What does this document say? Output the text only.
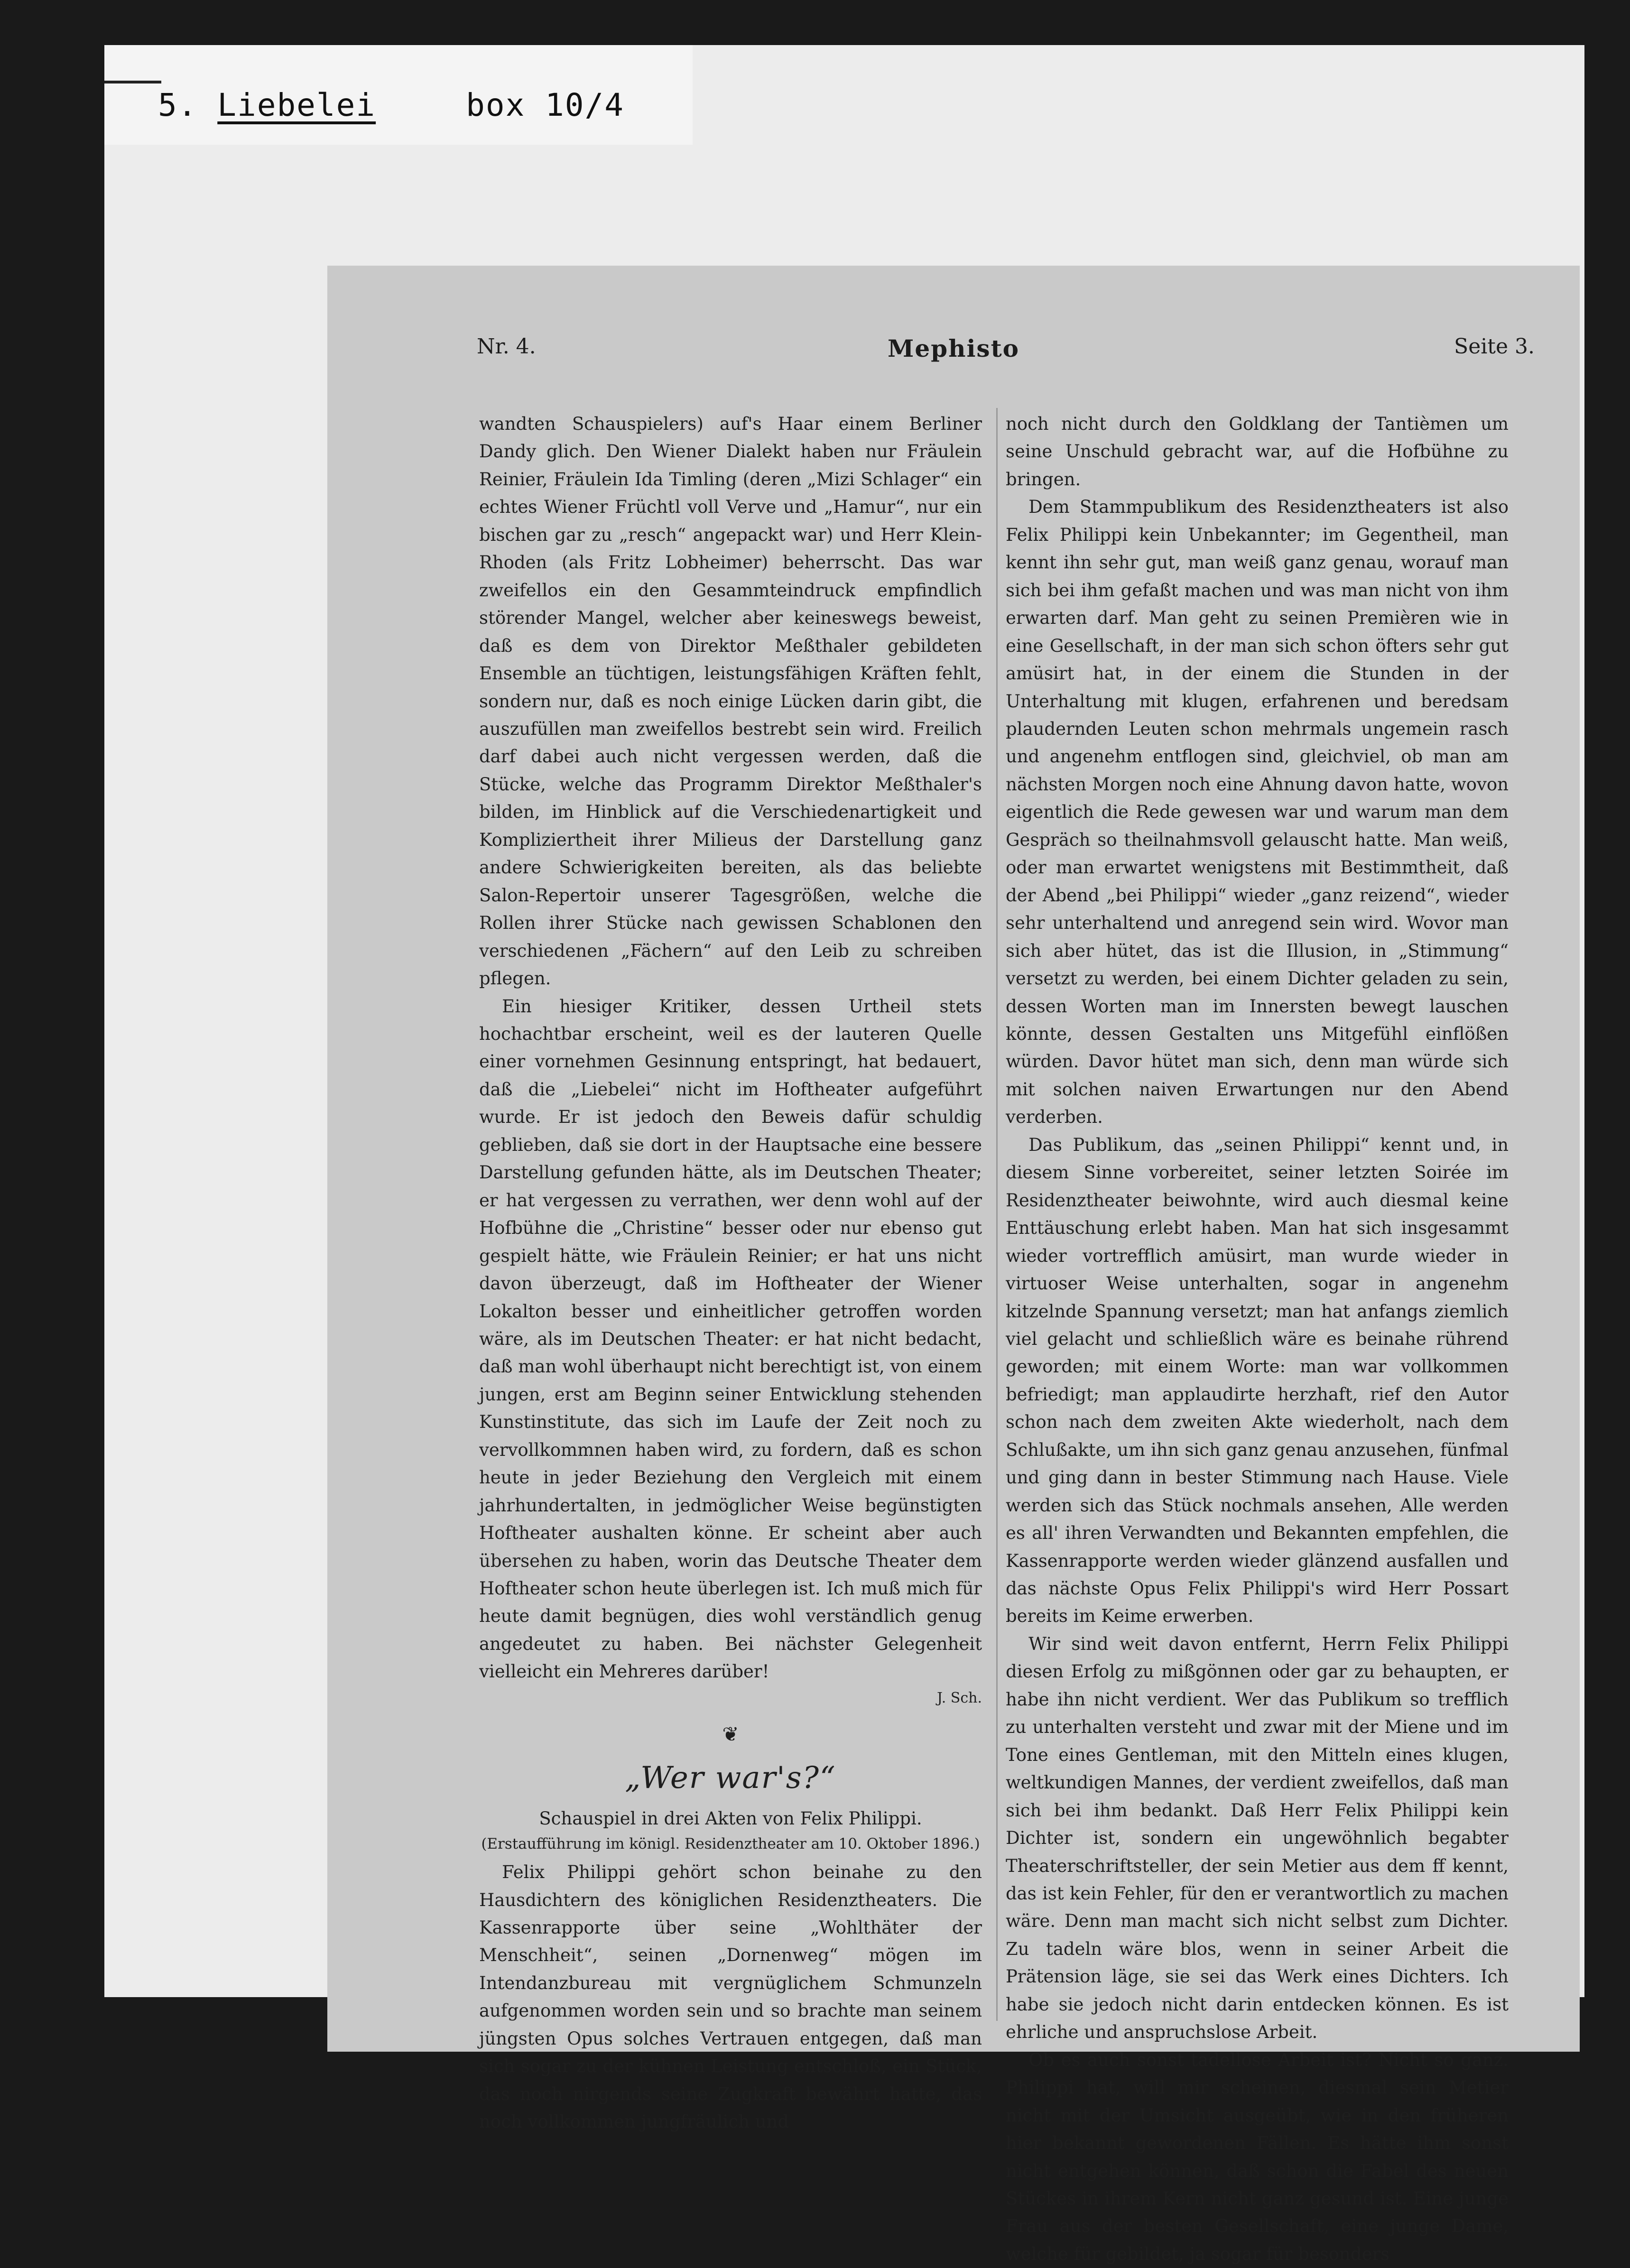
5. Liebelei	box 10/4
Nr. 4.	Mephisto	Seite 3.

wandten Schauspielers) auf's Haar einem Berliner Dandy glich. Den Wiener Dialekt haben nur Fräulein Reinier, Fräulein Ida Timling (deren „Mizi Schlager“ ein echtes Wiener Früchtl voll Verve und „Hamur“, nur ein bischen gar zu „resch“ angepackt war) und Herr Klein-Rhoden (als Fritz Lobheimer) beherrscht. Das war zweifellos ein den Gesammteindruck empfindlich störender Mangel, welcher aber keineswegs beweist, daß es dem von Direktor Meßthaler gebildeten Ensemble an tüchtigen, leistungsfähigen Kräften fehlt, sondern nur, daß es noch einige Lücken darin gibt, die auszufüllen man zweifellos bestrebt sein wird. Freilich darf dabei auch nicht vergessen werden, daß die Stücke, welche das Programm Direktor Meßthaler's bilden, im Hinblick auf die Verschiedenartigkeit und Kompliziertheit ihrer Milieus der Darstellung ganz andere Schwierigkeiten bereiten, als das beliebte Salon-Repertoir unserer Tagesgrößen, welche die Rollen ihrer Stücke nach gewissen Schablonen den verschiedenen „Fächern“ auf den Leib zu schreiben pflegen.

Ein hiesiger Kritiker, dessen Urtheil stets hochachtbar erscheint, weil es der lauteren Quelle einer vornehmen Gesinnung entspringt, hat bedauert, daß die „Liebelei“ nicht im Hoftheater aufgeführt wurde. Er ist jedoch den Beweis dafür schuldig geblieben, daß sie dort in der Hauptsache eine bessere Darstellung gefunden hätte, als im Deutschen Theater; er hat vergessen zu verrathen, wer denn wohl auf der Hofbühne die „Christine“ besser oder nur ebenso gut gespielt hätte, wie Fräulein Reinier; er hat uns nicht davon überzeugt, daß im Hoftheater der Wiener Lokalton besser und einheitlicher getroffen worden wäre, als im Deutschen Theater: er hat nicht bedacht, daß man wohl überhaupt nicht berechtigt ist, von einem jungen, erst am Beginn seiner Entwicklung stehenden Kunstinstitute, das sich im Laufe der Zeit noch zu vervollkommnen haben wird, zu fordern, daß es schon heute in jeder Beziehung den Vergleich mit einem jahrhundertalten, in jedmöglicher Weise begünstigten Hoftheater aushalten könne. Er scheint aber auch übersehen zu haben, worin das Deutsche Theater dem Hoftheater schon heute überlegen ist. Ich muß mich für heute damit begnügen, dies wohl verständlich genug angedeutet zu haben. Bei nächster Gelegenheit vielleicht ein Mehreres darüber!

J. Sch.
❦
„Wer war's?“
Schauspiel in drei Akten von Felix Philippi.
(Erstaufführung im königl. Residenztheater am 10. Oktober 1896.)

Felix Philippi gehört schon beinahe zu den Hausdichtern des königlichen Residenztheaters. Die Kassenrapporte über seine „Wohlthäter der Menschheit“, seinen „Dornenweg“ mögen im Intendanzbureau mit vergnüglichem Schmunzeln aufgenommen worden sein und so brachte man seinem jüngsten Opus solches Vertrauen entgegen, daß man sich sogar zu der kühnen Leistung entschloß, ein Stück, das noch nirgends seine Zugkraft bewährt hatte, das noch vollkommen jungfräulich und

noch nicht durch den Goldklang der Tantièmen um seine Unschuld gebracht war, auf die Hofbühne zu bringen.

Dem Stammpublikum des Residenztheaters ist also Felix Philippi kein Unbekannter; im Gegentheil, man kennt ihn sehr gut, man weiß ganz genau, worauf man sich bei ihm gefaßt machen und was man nicht von ihm erwarten darf. Man geht zu seinen Premièren wie in eine Gesellschaft, in der man sich schon öfters sehr gut amüsirt hat, in der einem die Stunden in der Unterhaltung mit klugen, erfahrenen und beredsam plaudernden Leuten schon mehrmals ungemein rasch und angenehm entflogen sind, gleichviel, ob man am nächsten Morgen noch eine Ahnung davon hatte, wovon eigentlich die Rede gewesen war und warum man dem Gespräch so theilnahmsvoll gelauscht hatte. Man weiß, oder man erwartet wenigstens mit Bestimmtheit, daß der Abend „bei Philippi“ wieder „ganz reizend“, wieder sehr unterhaltend und anregend sein wird. Wovor man sich aber hütet, das ist die Illusion, in „Stimmung“ versetzt zu werden, bei einem Dichter geladen zu sein, dessen Worten man im Innersten bewegt lauschen könnte, dessen Gestalten uns Mitgefühl einflößen würden. Davor hütet man sich, denn man würde sich mit solchen naiven Erwartungen nur den Abend verderben.

Das Publikum, das „seinen Philippi“ kennt und, in diesem Sinne vorbereitet, seiner letzten Soirée im Residenztheater beiwohnte, wird auch diesmal keine Enttäuschung erlebt haben. Man hat sich insgesammt wieder vortrefflich amüsirt, man wurde wieder in virtuoser Weise unterhalten, sogar in angenehm kitzelnde Spannung versetzt; man hat anfangs ziemlich viel gelacht und schließlich wäre es beinahe rührend geworden; mit einem Worte: man war vollkommen befriedigt; man applaudirte herzhaft, rief den Autor schon nach dem zweiten Akte wiederholt, nach dem Schlußakte, um ihn sich ganz genau anzusehen, fünfmal und ging dann in bester Stimmung nach Hause. Viele werden sich das Stück nochmals ansehen, Alle werden es all' ihren Verwandten und Bekannten empfehlen, die Kassenrapporte werden wieder glänzend ausfallen und das nächste Opus Felix Philippi's wird Herr Possart bereits im Keime erwerben.

Wir sind weit davon entfernt, Herrn Felix Philippi diesen Erfolg zu mißgönnen oder gar zu behaupten, er habe ihn nicht verdient. Wer das Publikum so trefflich zu unterhalten versteht und zwar mit der Miene und im Tone eines Gentleman, mit den Mitteln eines klugen, weltkundigen Mannes, der verdient zweifellos, daß man sich bei ihm bedankt. Daß Herr Felix Philippi kein Dichter ist, sondern ein ungewöhnlich begabter Theaterschriftsteller, der sein Metier aus dem ff kennt, das ist kein Fehler, für den er verantwortlich zu machen wäre. Denn man macht sich nicht selbst zum Dichter. Zu tadeln wäre blos, wenn in seiner Arbeit die Prätension läge, sie sei das Werk eines Dichters. Ich habe sie jedoch nicht darin entdecken können. Es ist ehrliche und anspruchslose Arbeit.

Ob es auch sonst tadellose Arbeit ist? Nicht so ganz. Philippi hat, will mir scheinen, diesmal sein Metier nicht mit der Umsicht ausgeübt, wie in den früheren hier bekannt gewordenen Fällen. Es hätte ihm sonst nicht entgehen können, daß schon die Fabel des neuen Stückes in ihrem Kern nicht ganz gesund ist. Eine junge Frau aus der besten Gesellschaft, eine junge Dame, welche für gebildet, ja sogar für besonders
